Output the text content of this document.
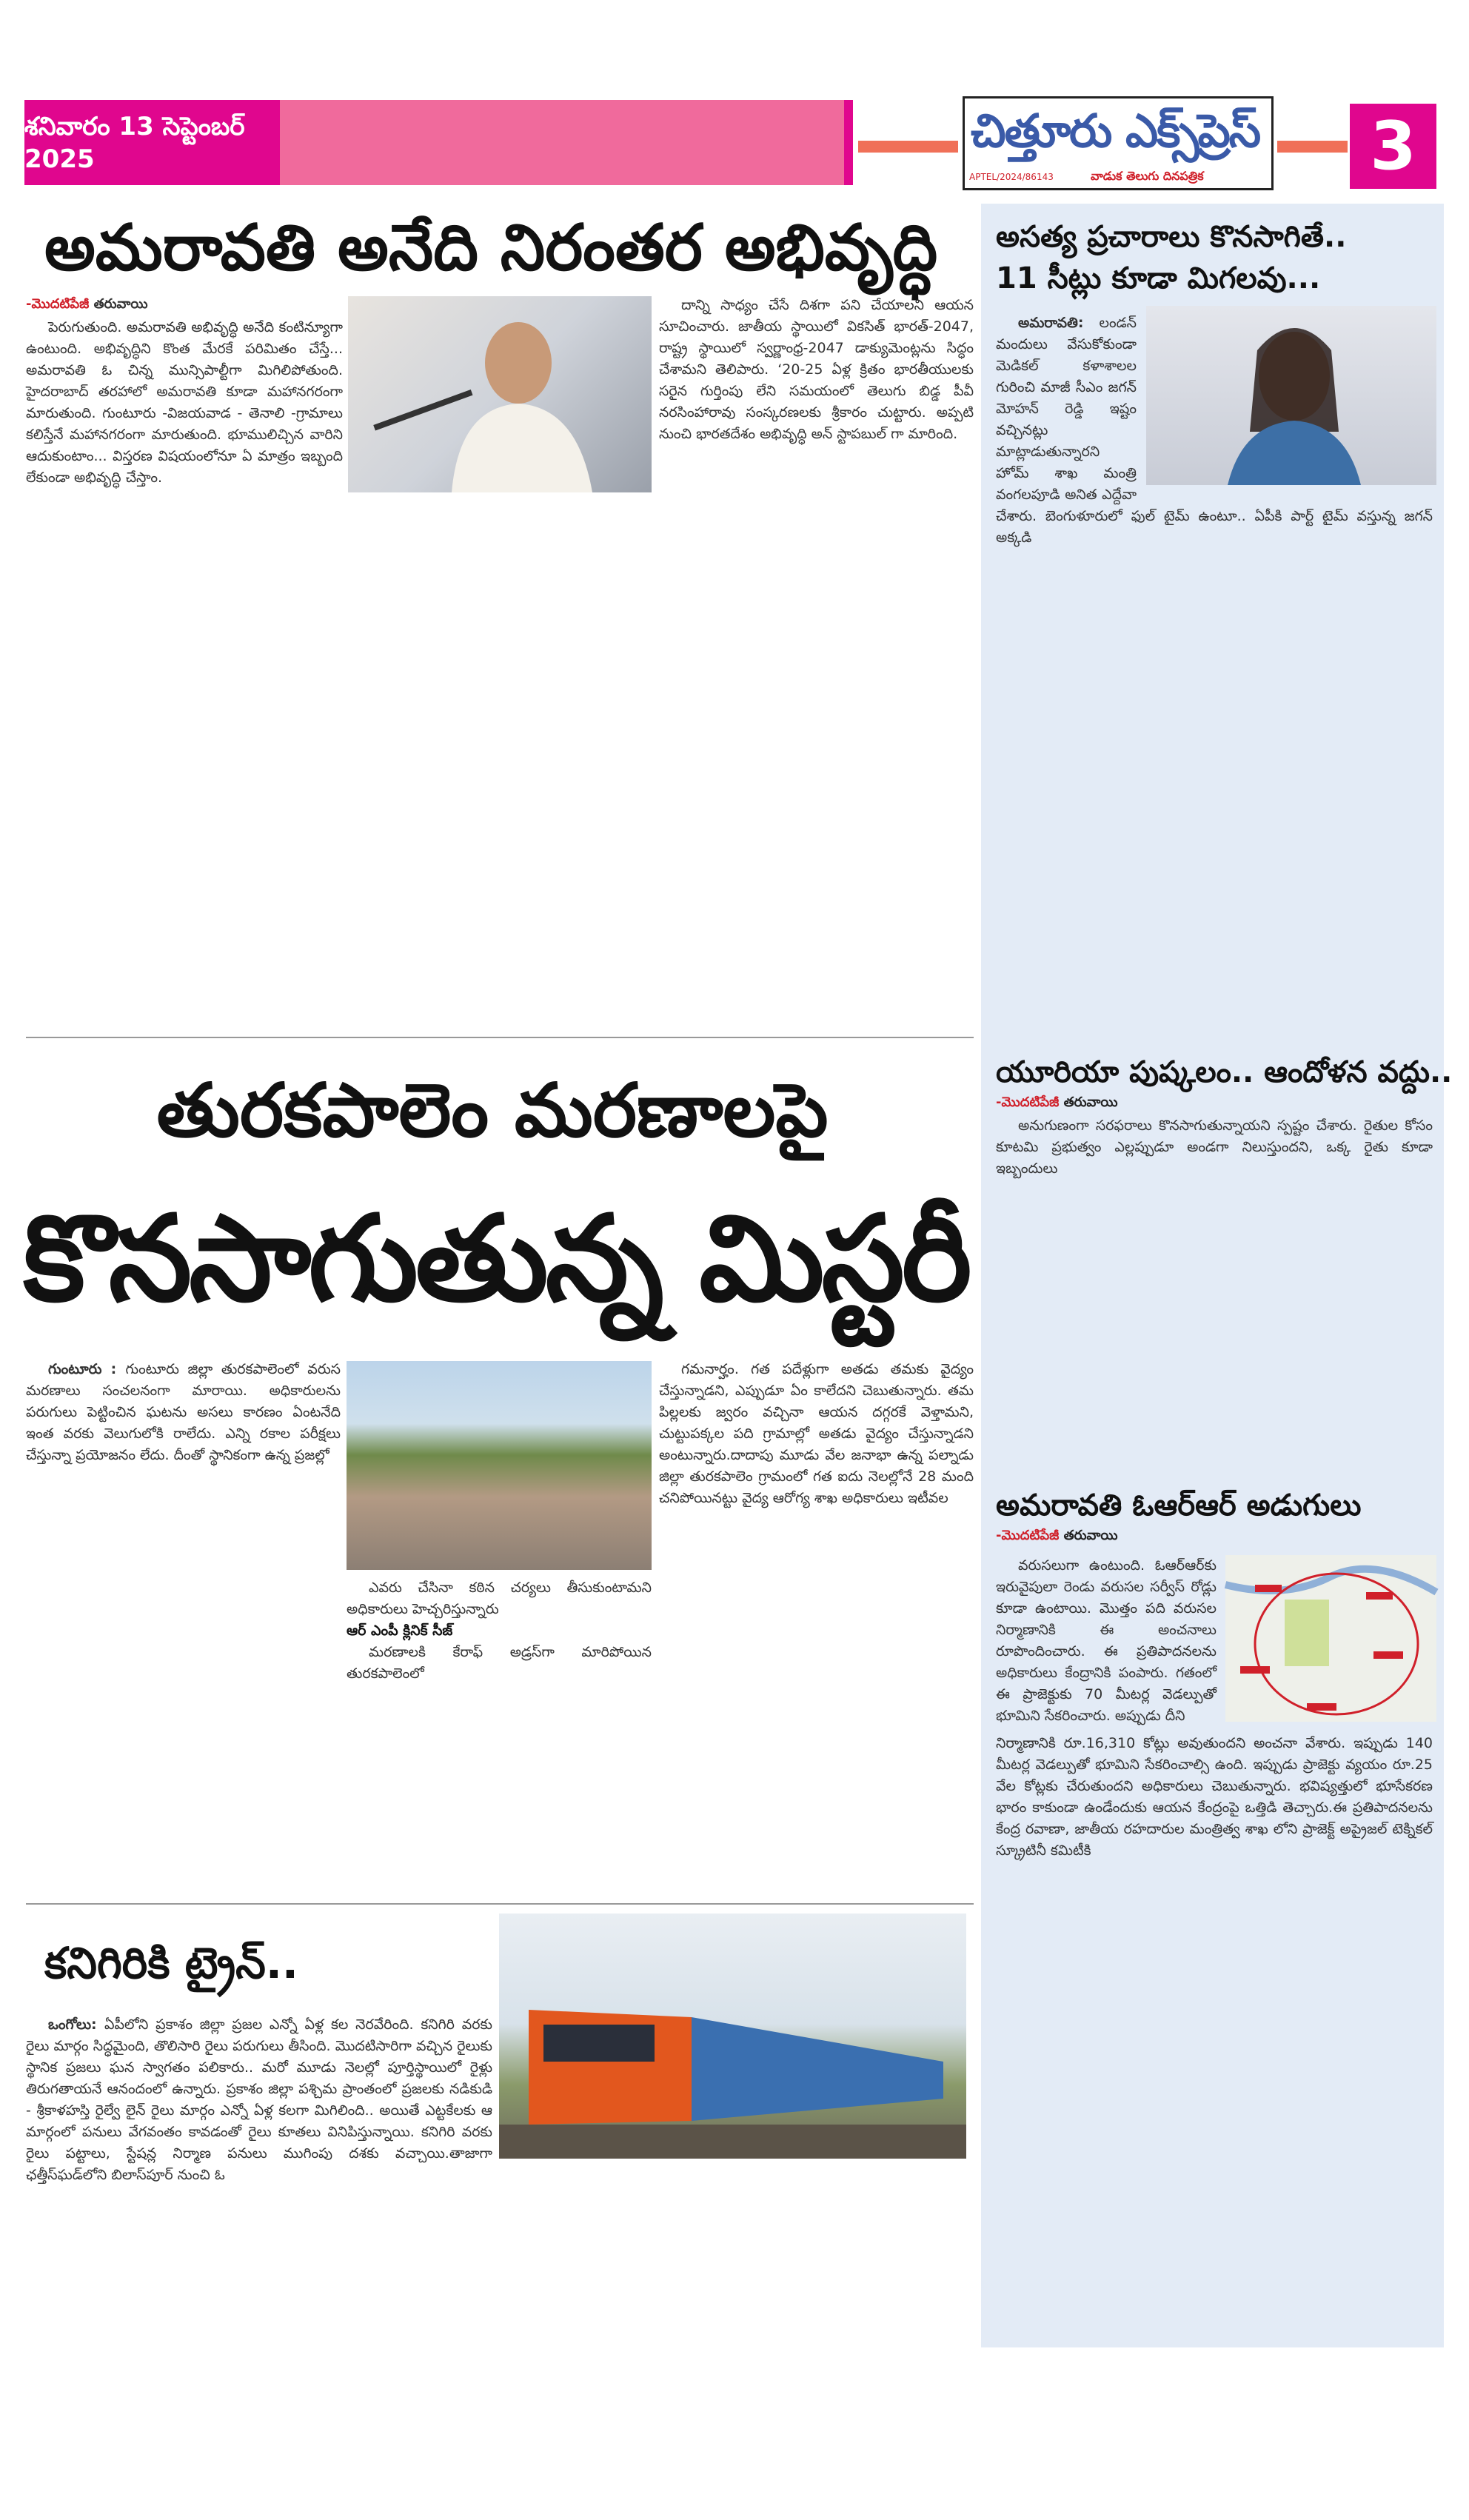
శనివారం 13 సెప్టెంబర్ 2025
చిత్తూరు ఎక్స్‌ప్రెస్
APTEL/2024/86143	వాడుక తెలుగు దినపత్రిక	3
అమరావతి అనేది నిరంతర అభివృద్ధి
-మొదటిపేజీ తరువాయి

పెరుగుతుంది. అమరావతి అభివృద్ధి అనేది కంటిన్యూగా ఉంటుంది. అభివృద్ధిని కొంత మేరకే పరిమితం చేస్తే... అమరావతి ఓ చిన్న మున్సిపాల్టీగా మిగిలిపోతుంది. హైదరాబాద్ తరహాలో అమరావతి కూడా మహానగరంగా మారుతుంది. గుంటూరు -విజయవాడ - తెనాలి -గ్రామాలు కలిస్తేనే మహానగరంగా మారుతుంది. భూములిచ్చిన వారిని ఆదుకుంటాం... విస్తరణ విషయంలోనూ ఏ మాత్రం ఇబ్బంది లేకుండా అభివృద్ధి చేస్తాం.

దాన్ని సాధ్యం చేసే దిశగా పని చేయాలని ఆయన సూచించారు. జాతీయ స్థాయిలో వికసిత్ భారత్-2047, రాష్ట్ర స్థాయిలో స్వర్ణాంధ్ర-2047 డాక్యుమెంట్లను సిద్ధం చేశామని తెలిపారు. ‘20-25 ఏళ్ల క్రితం భారతీయులకు సరైన గుర్తింపు లేని సమయంలో తెలుగు బిడ్డ పీవీ నరసింహారావు సంస్కరణలకు శ్రీకారం చుట్టారు. అప్పటి నుంచి భారతదేశం అభివృద్ధి అన్ స్టాపబుల్ గా మారింది.

తురకపాలెం మరణాలపై
కొనసాగుతున్న మిస్టరీ

గుంటూరు : గుంటూరు జిల్లా తురకపాలెంలో వరుస మరణాలు సంచలనంగా మారాయి. అధికారులను పరుగులు పెట్టించిన ఘటను అసలు కారణం ఏంటనేది ఇంత వరకు వెలుగులోకి రాలేదు. ఎన్ని రకాల పరీక్షలు చేస్తున్నా ప్రయోజనం లేదు. దీంతో స్థానికంగా ఉన్న ప్రజల్లో

ఎవరు చేసినా కఠిన చర్యలు తీసుకుంటామని అధికారులు హెచ్చరిస్తున్నారు

ఆర్ ఎంపీ క్లినిక్ సీజ్

మరణాలకి కేరాఫ్ అడ్రస్‌గా మారిపోయిన తురకపాలెంలో

గమనార్హం. గత పదేళ్లుగా అతడు తమకు వైద్యం చేస్తున్నాడని, ఎప్పుడూ ఏం కాలేదని చెబుతున్నారు. తమ పిల్లలకు జ్వరం వచ్చినా ఆయన దగ్గరకే వెళ్తామని, చుట్టుపక్కల పది గ్రామాల్లో అతడు వైద్యం చేస్తున్నాడని అంటున్నారు.దాదాపు మూడు వేల జనాభా ఉన్న పల్నాడు జిల్లా తురకపాలెం గ్రామంలో గత ఐదు నెలల్లోనే 28 మంది చనిపోయినట్టు వైద్య ఆరోగ్య శాఖ అధికారులు ఇటీవల

కనిగిరికి ట్రైన్..

ఒంగోలు: ఏపీలోని ప్రకాశం జిల్లా ప్రజల ఎన్నో ఏళ్ల కల నెరవేరింది. కనిగిరి వరకు రైలు మార్గం సిద్ధమైంది, తొలిసారి రైలు పరుగులు తీసింది. మొదటిసారిగా వచ్చిన రైలుకు స్థానిక ప్రజలు ఘన స్వాగతం పలికారు.. మరో మూడు నెలల్లో పూర్తిస్థాయిలో రైళ్లు తిరుగతాయనే ఆనందంలో ఉన్నారు. ప్రకాశం జిల్లా పశ్చిమ ప్రాంతంలో ప్రజలకు నడికుడి - శ్రీకాళహస్తి రైల్వే లైన్ రైలు మార్గం ఎన్నో ఏళ్ల కలగా మిగిలింది.. అయితే ఎట్టకేలకు ఆ మార్గంలో పనులు వేగవంతం కావడంతో రైలు కూతలు వినిపిస్తున్నాయి. కనిగిరి వరకు రైలు పట్టాలు, స్టేషన్ల నిర్మాణ పనులు ముగింపు దశకు వచ్చాయి.తాజాగా ఛత్తీస్‌ఘడ్‌లోని బిలాస్‌పూర్ నుంచి ఓ

అసత్య ప్రచారాలు కొనసాగితే..
11 సీట్లు కూడా మిగలవు...

అమరావతి: లండన్ మందులు వేసుకోకుండా మెడికల్ కళాశాలల గురించి మాజీ సీఎం జగన్ మోహన్ రెడ్డి ఇష్టం వచ్చినట్లు మాట్లాడుతున్నారని హోమ్ శాఖ మంత్రి వంగలపూడి అనిత ఎద్దేవా చేశారు. బెంగుళూరులో ఫుల్ టైమ్ ఉంటూ.. ఏపీకి పార్ట్ టైమ్ వస్తున్న జగన్ అక్కడి

యూరియా పుష్కలం.. ఆందోళన వద్దు..
-మొదటిపేజీ తరువాయి

అనుగుణంగా సరఫరాలు కొనసాగుతున్నాయని స్పష్టం చేశారు. రైతుల కోసం కూటమి ప్రభుత్వం ఎల్లప్పుడూ అండగా నిలుస్తుందని, ఒక్క రైతు కూడా ఇబ్బందులు

అమరావతి ఓఆర్ఆర్ అడుగులు
-మొదటిపేజీ తరువాయి

వరుసలుగా ఉంటుంది. ఓఆర్ఆర్‌కు ఇరువైపులా రెండు వరుసల సర్వీస్ రోడ్లు కూడా ఉంటాయి. మొత్తం పది వరుసల నిర్మాణానికి ఈ అంచనాలు రూపొందించారు. ఈ ప్రతిపాదనలను అధికారులు కేంద్రానికి పంపారు. గతంలో ఈ ప్రాజెక్టుకు 70 మీటర్ల వెడల్పుతో భూమిని సేకరించారు. అప్పుడు దీని

నిర్మాణానికి రూ.16,310 కోట్లు అవుతుందని అంచనా వేశారు. ఇప్పుడు 140 మీటర్ల వెడల్పుతో భూమిని సేకరించాల్సి ఉంది. ఇప్పుడు ప్రాజెక్టు వ్యయం రూ.25 వేల కోట్లకు చేరుతుందని అధికారులు చెబుతున్నారు. భవిష్యత్తులో భూసేకరణ భారం కాకుండా ఉండేందుకు ఆయన కేంద్రంపై ఒత్తిడి తెచ్చారు.ఈ ప్రతిపాదనలను కేంద్ర రవాణా, జాతీయ రహదారుల మంత్రిత్వ శాఖ లోని ప్రాజెక్ట్ అప్రైజల్ టెక్నికల్ స్క్రూటినీ కమిటీకి
